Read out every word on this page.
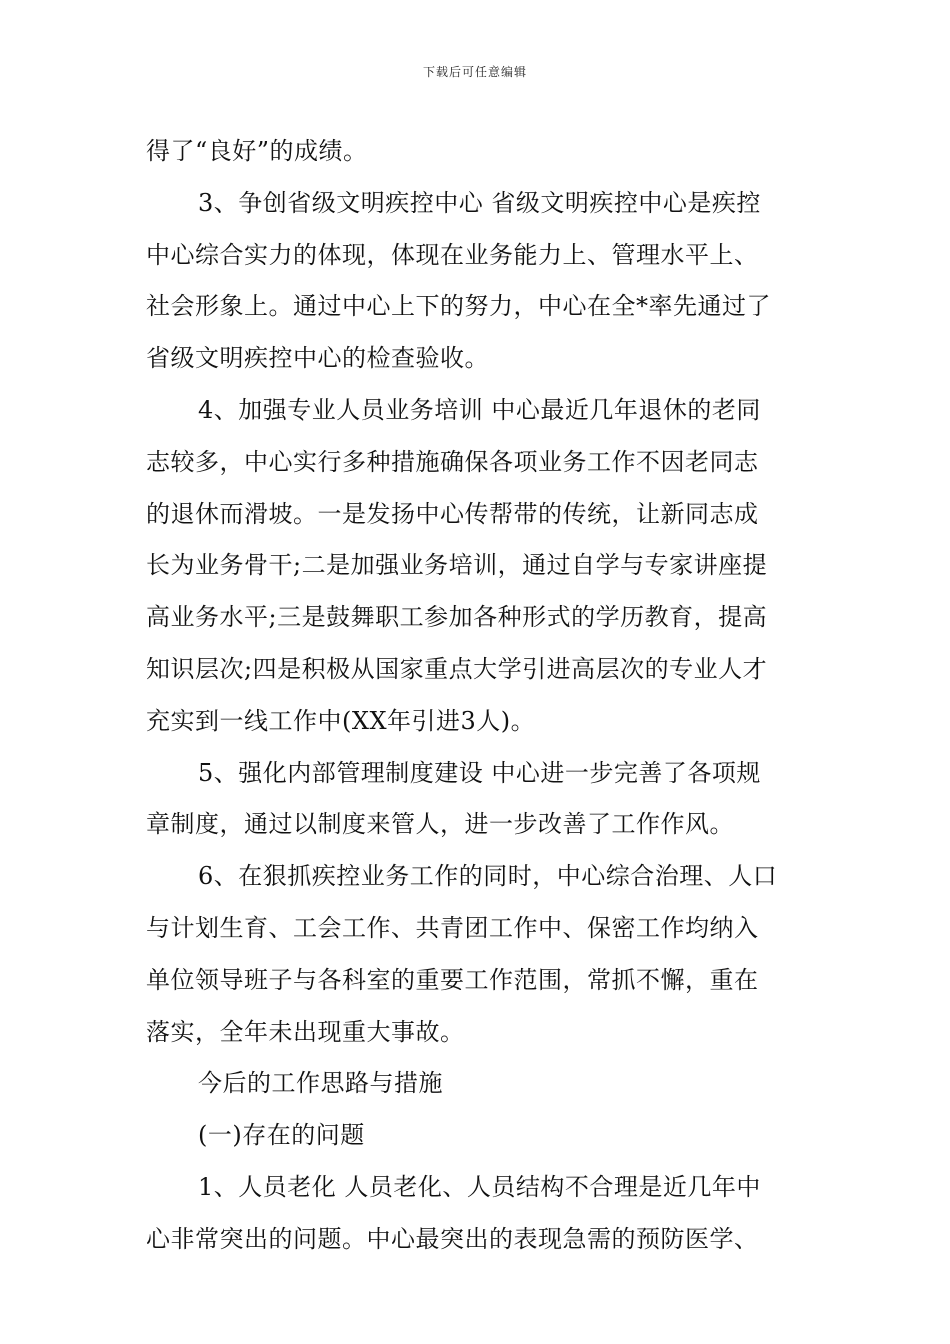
下载后可任意编辑
得了“良好”的成绩。
3、争创省级文明疾控中心 省级文明疾控中心是疾控
中心综合实力的体现，体现在业务能力上、管理水平上、
社会形象上。通过中心上下的努力，中心在全*率先通过了
省级文明疾控中心的检查验收。
4、加强专业人员业务培训 中心最近几年退休的老同
志较多，中心实行多种措施确保各项业务工作不因老同志
的退休而滑坡。一是发扬中心传帮带的传统，让新同志成
长为业务骨干;二是加强业务培训，通过自学与专家讲座提
高业务水平;三是鼓舞职工参加各种形式的学历教育，提高
知识层次;四是积极从国家重点大学引进高层次的专业人才
充实到一线工作中(XX年引进3人)。
5、强化内部管理制度建设 中心进一步完善了各项规
章制度，通过以制度来管人，进一步改善了工作作风。
6、在狠抓疾控业务工作的同时，中心综合治理、人口
与计划生育、工会工作、共青团工作中、保密工作均纳入
单位领导班子与各科室的重要工作范围，常抓不懈，重在
落实，全年未出现重大事故。
今后的工作思路与措施
(一)存在的问题
1、人员老化 人员老化、人员结构不合理是近几年中
心非常突出的问题。中心最突出的表现急需的预防医学、
